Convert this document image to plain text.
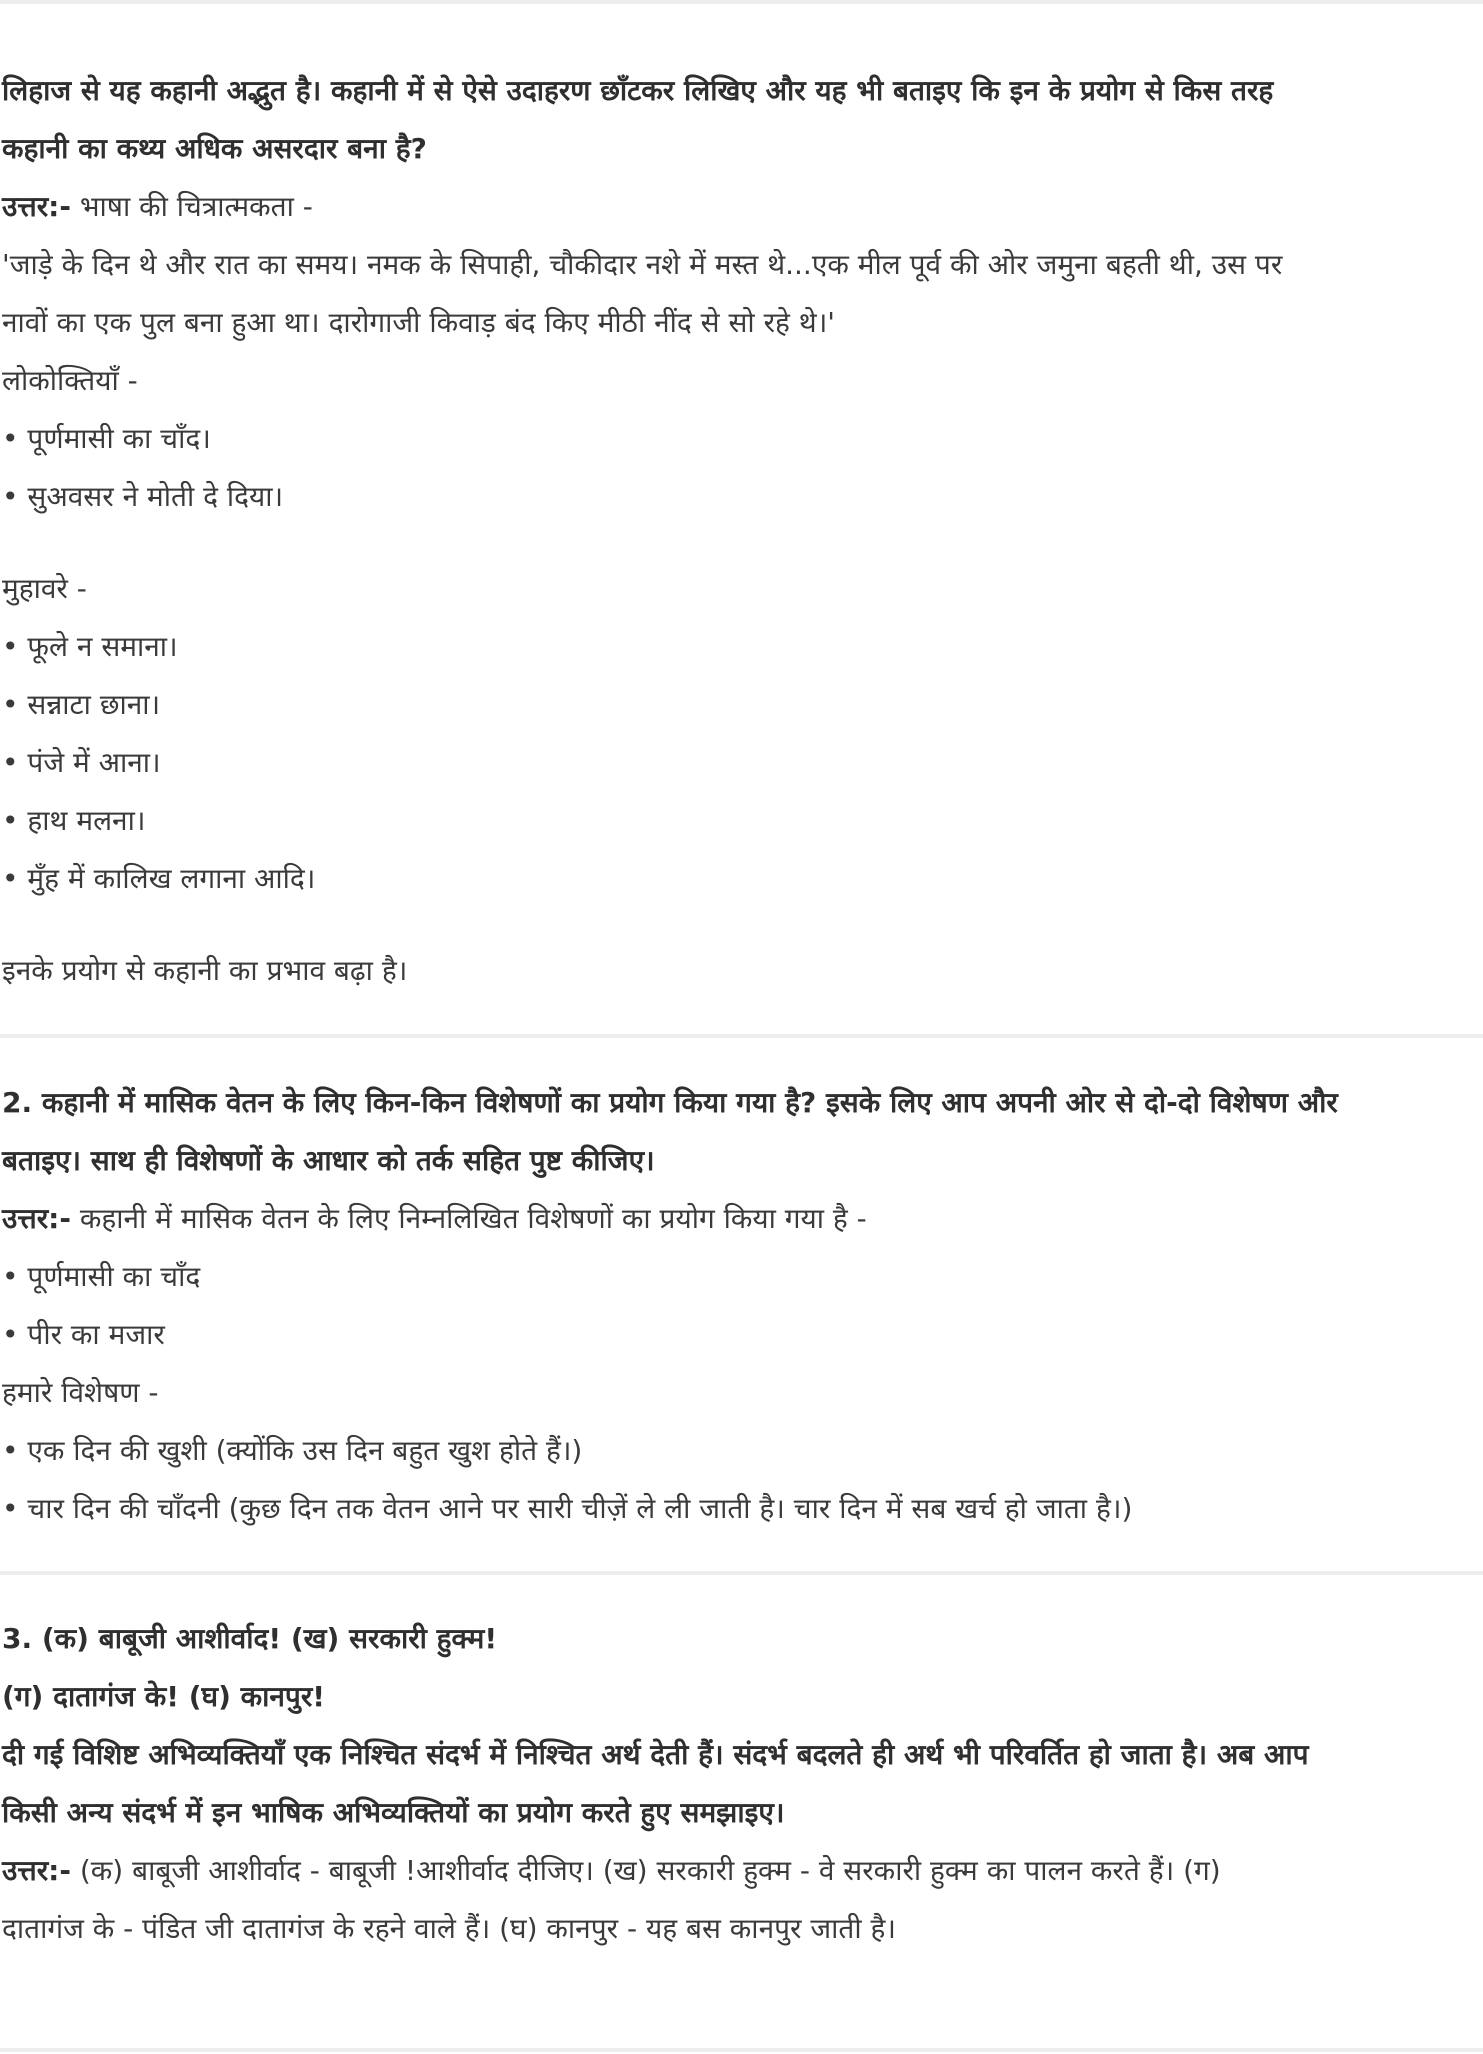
लिहाज से यह कहानी अद्भुत है। कहानी में से ऐसे उदाहरण छाँटकर लिखिए और यह भी बताइए कि इन के प्रयोग से किस तरह

कहानी का कथ्य अधिक असरदार बना है?

उत्तर:- भाषा की चित्रात्मकता -

'जाड़े के दिन थे और रात का समय। नमक के सिपाही, चौकीदार नशे में मस्त थे...एक मील पूर्व की ओर जमुना बहती थी, उस पर

नावों का एक पुल बना हुआ था। दारोगाजी किवाड़ बंद किए मीठी नींद से सो रहे थे।'

लोकोक्तियाँ -

• पूर्णमासी का चाँद।

• सुअवसर ने मोती दे दिया।

मुहावरे -

• फूले न समाना।

• सन्नाटा छाना।

• पंजे में आना।

• हाथ मलना।

• मुँह में कालिख लगाना आदि।

इनके प्रयोग से कहानी का प्रभाव बढ़ा है।

2. कहानी में मासिक वेतन के लिए किन-किन विशेषणों का प्रयोग किया गया है? इसके लिए आप अपनी ओर से दो-दो विशेषण और

बताइए। साथ ही विशेषणों के आधार को तर्क सहित पुष्ट कीजिए।

उत्तर:- कहानी में मासिक वेतन के लिए निम्नलिखित विशेषणों का प्रयोग किया गया है -

• पूर्णमासी का चाँद

• पीर का मजार

हमारे विशेषण -

• एक दिन की खुशी (क्योंकि उस दिन बहुत खुश होते हैं।)

• चार दिन की चाँदनी (कुछ दिन तक वेतन आने पर सारी चीज़ें ले ली जाती है। चार दिन में सब खर्च हो जाता है।)

3. (क) बाबूजी आशीर्वाद! (ख) सरकारी हुक्म!

(ग) दातागंज के! (घ) कानपुर!

दी गई विशिष्ट अभिव्यक्तियाँ एक निश्चित संदर्भ में निश्चित अर्थ देती हैं। संदर्भ बदलते ही अर्थ भी परिवर्तित हो जाता है। अब आप

किसी अन्य संदर्भ में इन भाषिक अभिव्यक्तियों का प्रयोग करते हुए समझाइए।

उत्तर:- (क) बाबूजी आशीर्वाद - बाबूजी !आशीर्वाद दीजिए। (ख) सरकारी हुक्म - वे सरकारी हुक्म का पालन करते हैं। (ग)

दातागंज के - पंडित जी दातागंज के रहने वाले हैं। (घ) कानपुर - यह बस कानपुर जाती है।
